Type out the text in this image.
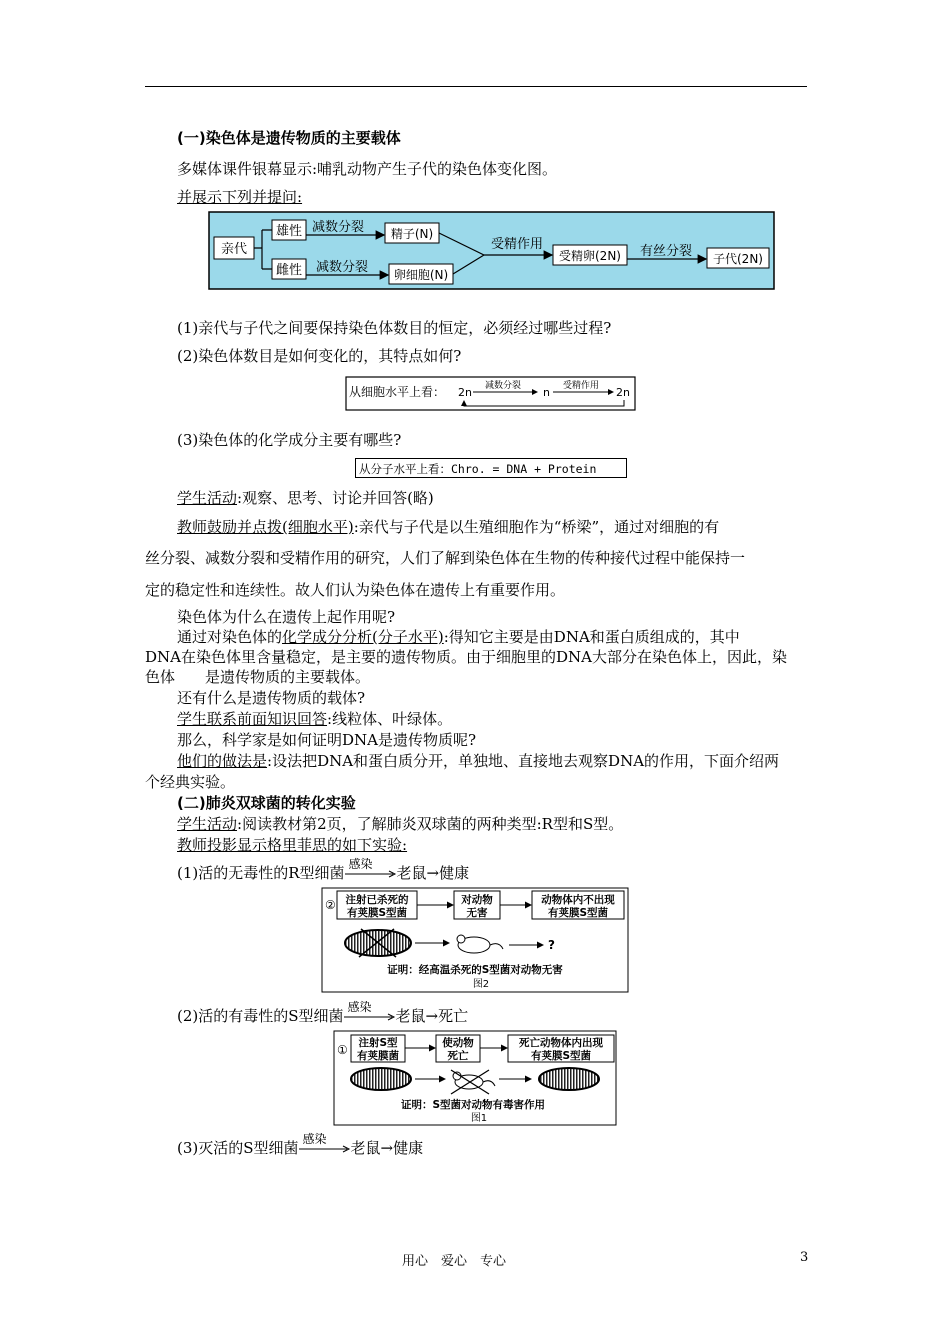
(一)染色体是遗传物质的主要载体
多媒体课件银幕显示:哺乳动物产生子代的染色体变化图。
并展示下列并提问:
亲代
雄性
雌性
减数分裂
减数分裂
精子(N)
卵细胞(N)
受精作用
受精卵(2N) 有丝分裂 子代(2N)
(1)亲代与子代之间要保持染色体数目的恒定，必须经过哪些过程?
(2)染色体数目是如何变化的，其特点如何?
从细胞水平上看： 2n 减数分裂 n 受精作用 2n
(3)染色体的化学成分主要有哪些?
从分子水平上看：Chro. = DNA + Protein
学生活动:观察、思考、讨论并回答(略)
教师鼓励并点拨(细胞水平):亲代与子代是以生殖细胞作为“桥梁”，通过对细胞的有
丝分裂、减数分裂和受精作用的研究，人们了解到染色体在生物的传种接代过程中能保持一
定的稳定性和连续性。故人们认为染色体在遗传上有重要作用。
染色体为什么在遗传上起作用呢?
通过对染色体的化学成分分析(分子水平):得知它主要是由DNA和蛋白质组成的，其中
DNA在染色体里含量稳定，是主要的遗传物质。由于细胞里的DNA大部分在染色体上，因此，染
色体　　是遗传物质的主要载体。
还有什么是遗传物质的载体?
学生联系前面知识回答:线粒体、叶绿体。
那么，科学家是如何证明DNA是遗传物质呢?
他们的做法是:设法把DNA和蛋白质分开，单独地、直接地去观察DNA的作用，下面介绍两
个经典实验。
(二)肺炎双球菌的转化实验
学生活动:阅读教材第2页，了解肺炎双球菌的两种类型:R型和S型。
教师投影显示格里菲思的如下实验:
(1)活的无毒性的R型细菌 感染 老鼠→健康
② 注射已杀死的
有荚膜S型菌
对动物
无害
动物体内不出现
有荚膜S型菌
?
证明：经高温杀死的S型菌对动物无害
图2
(2)活的有毒性的S型细菌 感染 老鼠→死亡
① 注射S型
有荚膜菌
使动物
死亡
死亡动物体内出现
有荚膜S型菌
证明：S型菌对动物有毒害作用
图1
(3)灭活的S型细菌 感染 老鼠→健康
用心　爱心　专心	3
